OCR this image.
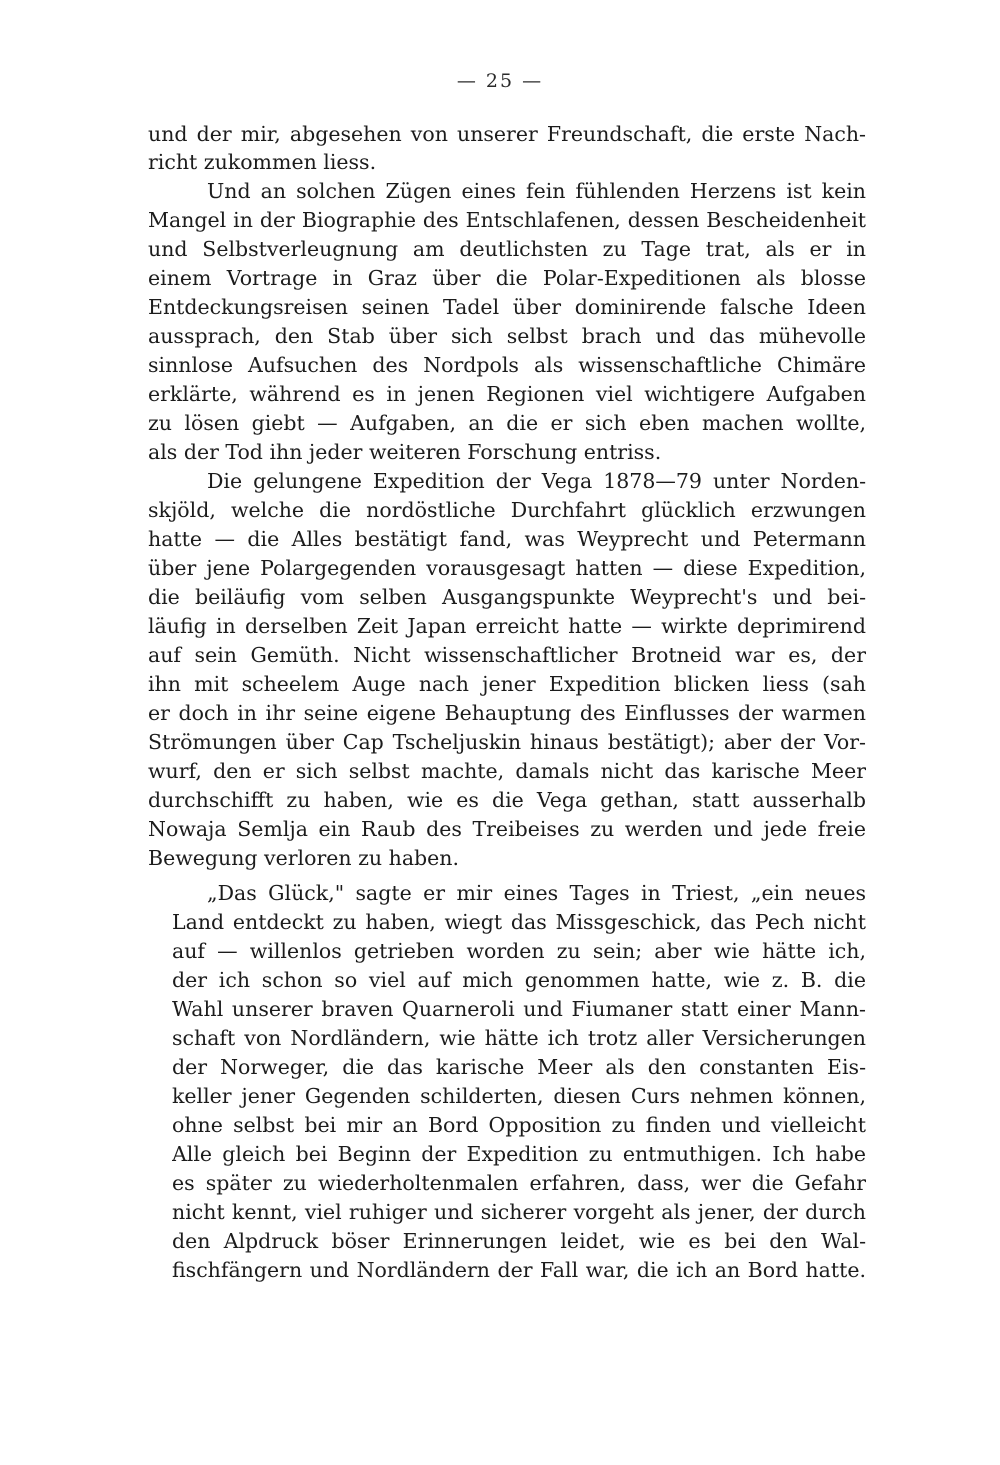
— 25 —
und der mir, abgesehen von unserer Freundschaft, die erste Nach-
richt zukommen liess.
Und an solchen Zügen eines fein fühlenden Herzens ist kein
Mangel in der Biographie des Entschlafenen, dessen Bescheidenheit
und Selbstverleugnung am deutlichsten zu Tage trat, als er in
einem Vortrage in Graz über die Polar-Expeditionen als blosse
Entdeckungsreisen seinen Tadel über dominirende falsche Ideen
aussprach, den Stab über sich selbst brach und das mühevolle
sinnlose Aufsuchen des Nordpols als wissenschaftliche Chimäre
erklärte, während es in jenen Regionen viel wichtigere Aufgaben
zu lösen giebt — Aufgaben, an die er sich eben machen wollte,
als der Tod ihn jeder weiteren Forschung entriss.
Die gelungene Expedition der Vega 1878—79 unter Norden-
skjöld, welche die nordöstliche Durchfahrt glücklich erzwungen
hatte — die Alles bestätigt fand, was Weyprecht und Petermann
über jene Polargegenden vorausgesagt hatten — diese Expedition,
die beiläufig vom selben Ausgangspunkte Weyprecht's und bei-
läufig in derselben Zeit Japan erreicht hatte — wirkte deprimirend
auf sein Gemüth. Nicht wissenschaftlicher Brotneid war es, der
ihn mit scheelem Auge nach jener Expedition blicken liess (sah
er doch in ihr seine eigene Behauptung des Einflusses der warmen
Strömungen über Cap Tscheljuskin hinaus bestätigt); aber der Vor-
wurf, den er sich selbst machte, damals nicht das karische Meer
durchschifft zu haben, wie es die Vega gethan, statt ausserhalb
Nowaja Semlja ein Raub des Treibeises zu werden und jede freie
Bewegung verloren zu haben.
„Das Glück," sagte er mir eines Tages in Triest, „ein neues
Land entdeckt zu haben, wiegt das Missgeschick, das Pech nicht
auf — willenlos getrieben worden zu sein; aber wie hätte ich,
der ich schon so viel auf mich genommen hatte, wie z. B. die
Wahl unserer braven Quarneroli und Fiumaner statt einer Mann-
schaft von Nordländern, wie hätte ich trotz aller Versicherungen
der Norweger, die das karische Meer als den constanten Eis-
keller jener Gegenden schilderten, diesen Curs nehmen können,
ohne selbst bei mir an Bord Opposition zu finden und vielleicht
Alle gleich bei Beginn der Expedition zu entmuthigen. Ich habe
es später zu wiederholtenmalen erfahren, dass, wer die Gefahr
nicht kennt, viel ruhiger und sicherer vorgeht als jener, der durch
den Alpdruck böser Erinnerungen leidet, wie es bei den Wal-
fischfängern und Nordländern der Fall war, die ich an Bord hatte.
